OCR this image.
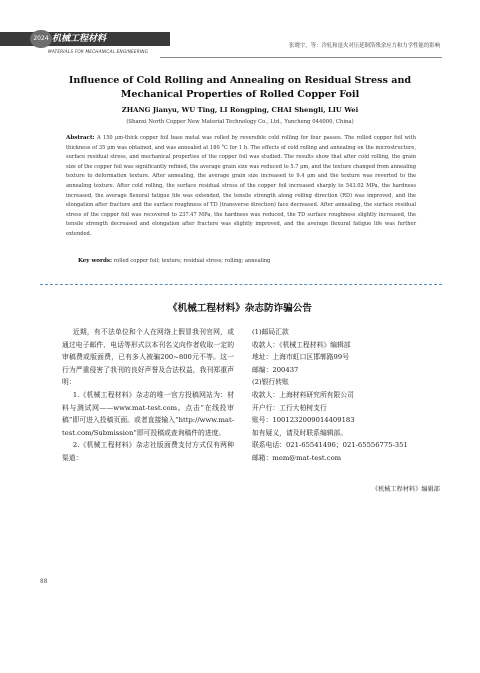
2024 机械工程材料
MATERIALS FOR MECHANICAL ENGINEERING
张晓宇，等：冷轧和退火对压延铜箔残余应力和力学性能的影响
Influence of Cold Rolling and Annealing on Residual Stress and
Mechanical Properties of Rolled Copper Foil
ZHANG Jianyu, WU Ting, LI Rongping, CHAI Shengli, LIU Wei
(Shanxi North Copper New Material Technology Co., Ltd., Yuncheng 044000, China)
Abstract: A 150 μm-thick copper foil base metal was rolled by reversible cold rolling for four passes. The rolled copper foil with thickness of 35 μm was obtained, and was annealed at 180 °C for 1 h. The effects of cold rolling and annealing on the microstructure, surface residual stress, and mechanical properties of the copper foil was studied. The results show that after cold rolling, the grain size of the copper foil was significantly refined, the average grain size was reduced to 5.7 μm, and the texture changed from annealing texture to deformation texture. After annealing, the average grain size increased to 9.4 μm and the texture was reverted to the annealing texture. After cold rolling, the surface residual stress of the copper foil increased sharply to 543.02 MPa, the hardness increased, the average flexural fatigue life was extended, the tensile strength along rolling direction (RD) was improved, and the elongation after fracture and the surface roughness of TD (transverse direction) face decreased. After annealing, the surface residual stress of the copper foil was recovered to 237.47 MPa, the hardness was reduced, the TD surface roughness slightly increased, the tensile strength decreased and elongation after fracture was slightly improved, and the average flexural fatigue life was further extended.
Key words: rolled copper foil; texture; residual stress; rolling; annealing
《机械工程材料》杂志防诈骗公告

近期，有不法单位和个人在网络上假冒我刊官网，或通过电子邮件、电话等形式以本刊名义向作者收取一定的审稿费或版面费，已有多人被骗200~800元不等。这一行为严重侵害了我刊的良好声誉及合法权益，我刊郑重声明：

1.《机械工程材料》杂志的唯一官方投稿网站为：材料与测试网——www.mat-test.com。点击“在线投审稿”即可进入投稿页面。或者直接输入“http://www.mat-test.com/Submission”即可投稿或查询稿件的进度。

2.《机械工程材料》杂志社版面费支付方式仅有两种渠道：

(1)邮局汇款
收款人：《机械工程材料》编辑部
地址：上海市虹口区邯郸路99号
邮编：200437
(2)银行转账
收款人：上海材料研究所有限公司
开户行：工行大柏树支行
账号：1001232009014409183
如有疑义，请及时联系编辑部。
联系电话：021-65541496；021-65556775-351
邮箱：mem@mat-test.com
《机械工程材料》编辑部
88
